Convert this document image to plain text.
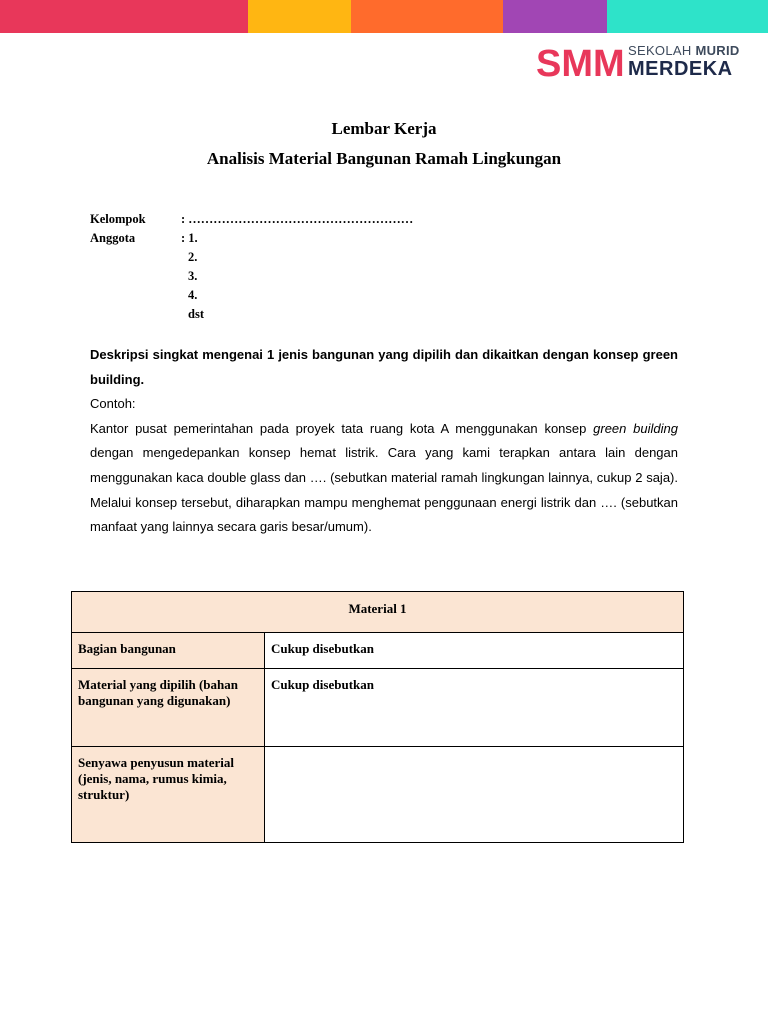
SMM SEKOLAH MURID
MERDEKA
Lembar Kerja
Analisis Material Bangunan Ramah Lingkungan
Kelompok	: ………………………………………………
Anggota	: 1.
2.
3.
4.
dst

Deskripsi singkat mengenai 1 jenis bangunan yang dipilih dan dikaitkan dengan konsep green building.

Contoh:

Kantor pusat pemerintahan pada proyek tata ruang kota A menggunakan konsep green building dengan mengedepankan konsep hemat listrik. Cara yang kami terapkan antara lain dengan menggunakan kaca double glass dan …. (sebutkan material ramah lingkungan lainnya, cukup 2 saja). Melalui konsep tersebut, diharapkan mampu menghemat penggunaan energi listrik dan …. (sebutkan manfaat yang lainnya secara garis besar/umum).

Material 1	
Bagian bangunan	Cukup disebutkan
Material yang dipilih (bahan bangunan yang digunakan)	Cukup disebutkan
Senyawa penyusun material (jenis, nama, rumus kimia, struktur)	
